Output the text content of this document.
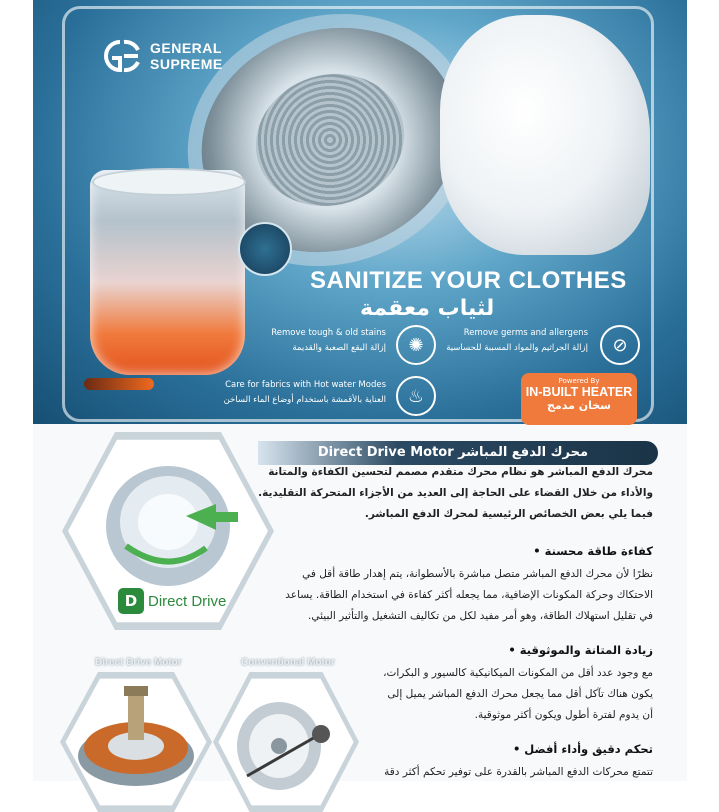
GENERAL
SUPREME
SANITIZE YOUR CLOTHES
لثياب معقمة
Remove tough & old stains
إزالة البقع الصعبة والقديمة	✺
Remove germs and allergens
إزالة الجراثيم والمواد المسببة للحساسية	⊘
Care for fabrics with Hot water Modes
العناية بالأقمشة باستخدام أوضاع الماء الساخن	♨
Powered By
IN-BUILT HEATER
سخان مدمج
D Direct Drive
محرك الدفع المباشر Direct Drive Motor
محرك الدفع المباشر هو نظام محرك متقدم مصمم لتحسين الكفاءة والمتانة
والأداء من خلال القضاء على الحاجة إلى العديد من الأجزاء المتحركة التقليدية.
فيما يلي بعض الخصائص الرئيسية لمحرك الدفع المباشر.
كفاءة طاقة محسنة •
نظرًا لأن محرك الدفع المباشر متصل مباشرة بالأسطوانة، يتم إهدار طاقة أقل في
الاحتكاك وحركة المكونات الإضافية، مما يجعله أكثر كفاءة في استخدام الطاقة. يساعد
في تقليل استهلاك الطاقة، وهو أمر مفيد لكل من تكاليف التشغيل والتأثير البيئي.
زيادة المتانة والموثوقية •
مع وجود عدد أقل من المكونات الميكانيكية كالسيور و البكرات،
يكون هناك تآكل أقل مما يجعل محرك الدفع المباشر يميل إلى
أن يدوم لفترة أطول ويكون أكثر موثوقية.
تحكم دقيق وأداء أفضل •
تتمتع محركات الدفع المباشر بالقدرة على توفير تحكم أكثر دقة
Direct Drive Motor	Conventional Motor
